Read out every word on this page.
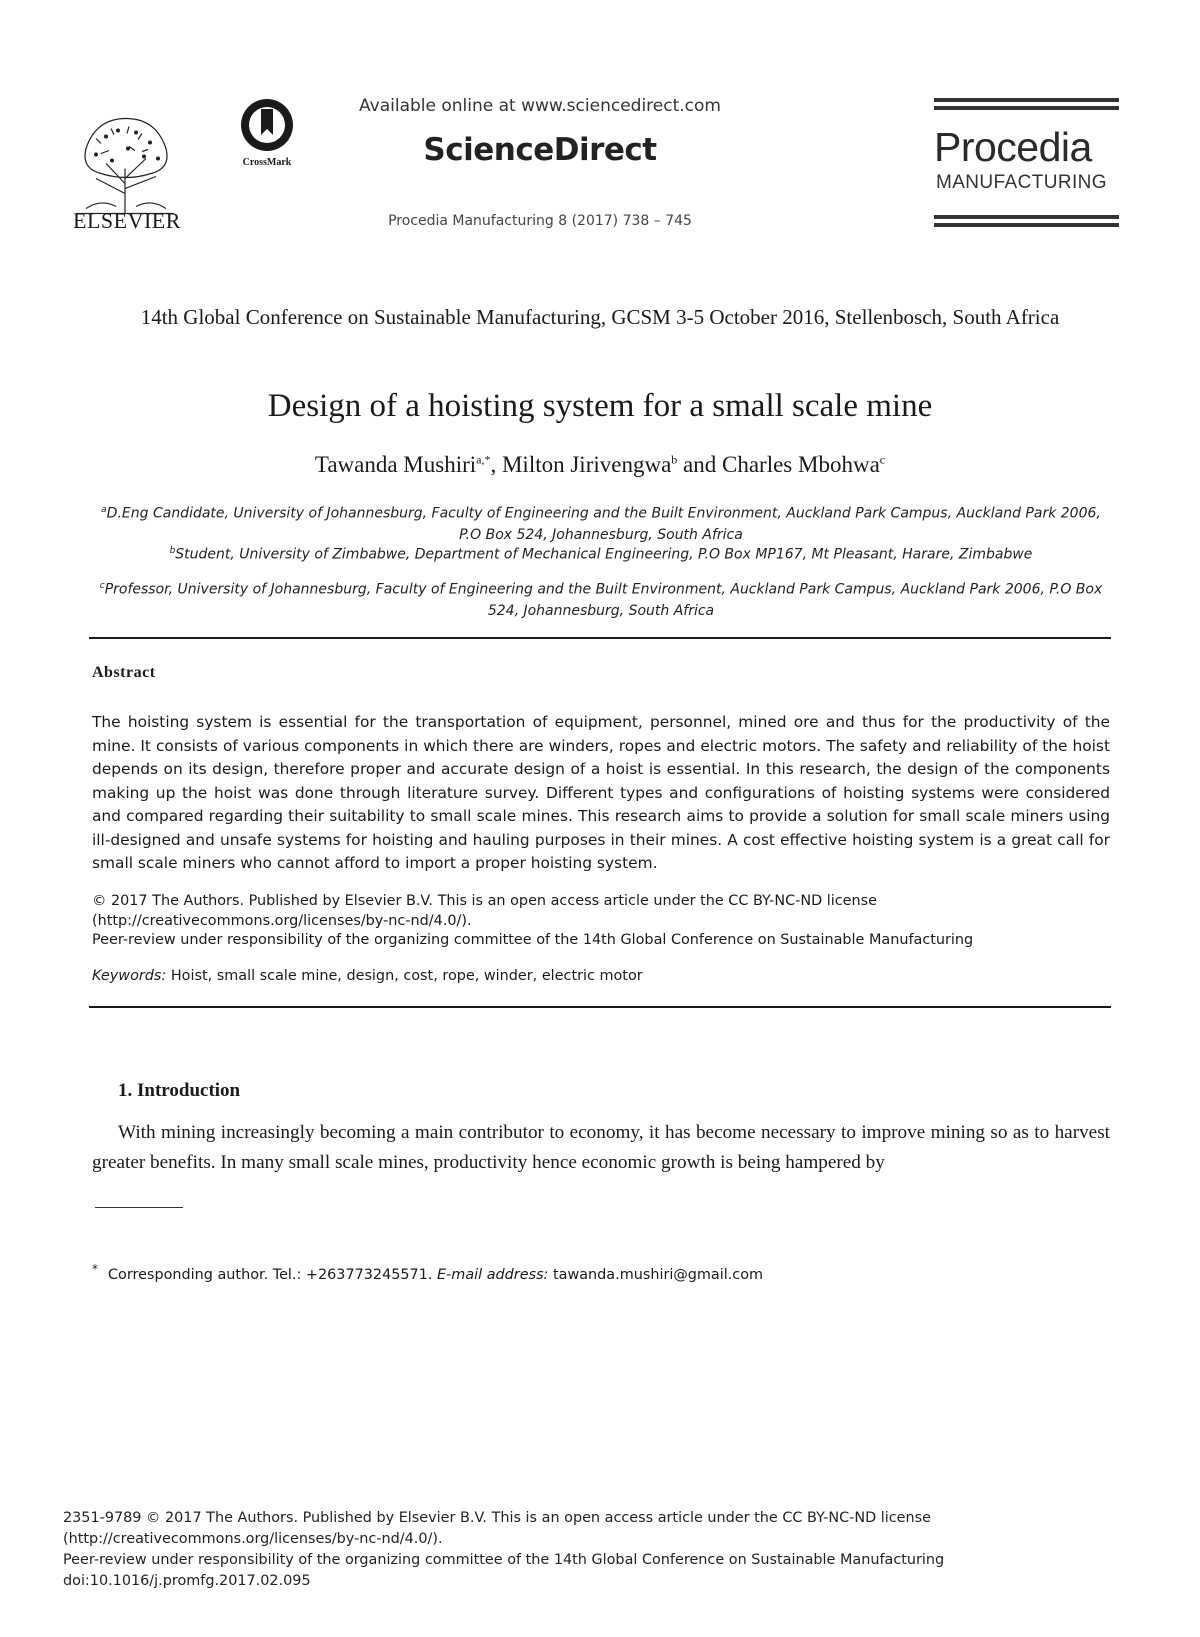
ELSEVIER
CrossMark
Available online at www.sciencedirect.com
ScienceDirect
Procedia Manufacturing 8 (2017) 738 – 745
Procedia
MANUFACTURING
14th Global Conference on Sustainable Manufacturing, GCSM 3-5 October 2016, Stellenbosch, South Africa
Design of a hoisting system for a small scale mine
Tawanda Mushiri$^{a,*}$, Milton Jirivengwa$^b$ and Charles Mbohwa$^c$
$^a$D.Eng Candidate, University of Johannesburg, Faculty of Engineering and the Built Environment, Auckland Park Campus, Auckland Park 2006, P.O Box 524, Johannesburg, South Africa
$^b$Student, University of Zimbabwe, Department of Mechanical Engineering, P.O Box MP167, Mt Pleasant, Harare, Zimbabwe
$^c$Professor, University of Johannesburg, Faculty of Engineering and the Built Environment, Auckland Park Campus, Auckland Park 2006, P.O Box 524, Johannesburg, South Africa
Abstract
The hoisting system is essential for the transportation of equipment, personnel, mined ore and thus for the productivity of the mine. It consists of various components in which there are winders, ropes and electric motors. The safety and reliability of the hoist depends on its design, therefore proper and accurate design of a hoist is essential. In this research, the design of the components making up the hoist was done through literature survey. Different types and configurations of hoisting systems were considered and compared regarding their suitability to small scale mines. This research aims to provide a solution for small scale miners using ill-designed and unsafe systems for hoisting and hauling purposes in their mines. A cost effective hoisting system is a great call for small scale miners who cannot afford to import a proper hoisting system.
© 2017 The Authors. Published by Elsevier B.V. This is an open access article under the CC BY-NC-ND license
(http://creativecommons.org/licenses/by-nc-nd/4.0/).
Peer-review under responsibility of the organizing committee of the 14th Global Conference on Sustainable Manufacturing
Keywords: Hoist, small scale mine, design, cost, rope, winder, electric motor
1. Introduction
With mining increasingly becoming a main contributor to economy, it has become necessary to improve mining so as to harvest greater benefits. In many small scale mines, productivity hence economic growth is being hampered by
* Corresponding author. Tel.: +263773245571. E-mail address: tawanda.mushiri@gmail.com
2351-9789 © 2017 The Authors. Published by Elsevier B.V. This is an open access article under the CC BY-NC-ND license
(http://creativecommons.org/licenses/by-nc-nd/4.0/).
Peer-review under responsibility of the organizing committee of the 14th Global Conference on Sustainable Manufacturing
doi:10.1016/j.promfg.2017.02.095
